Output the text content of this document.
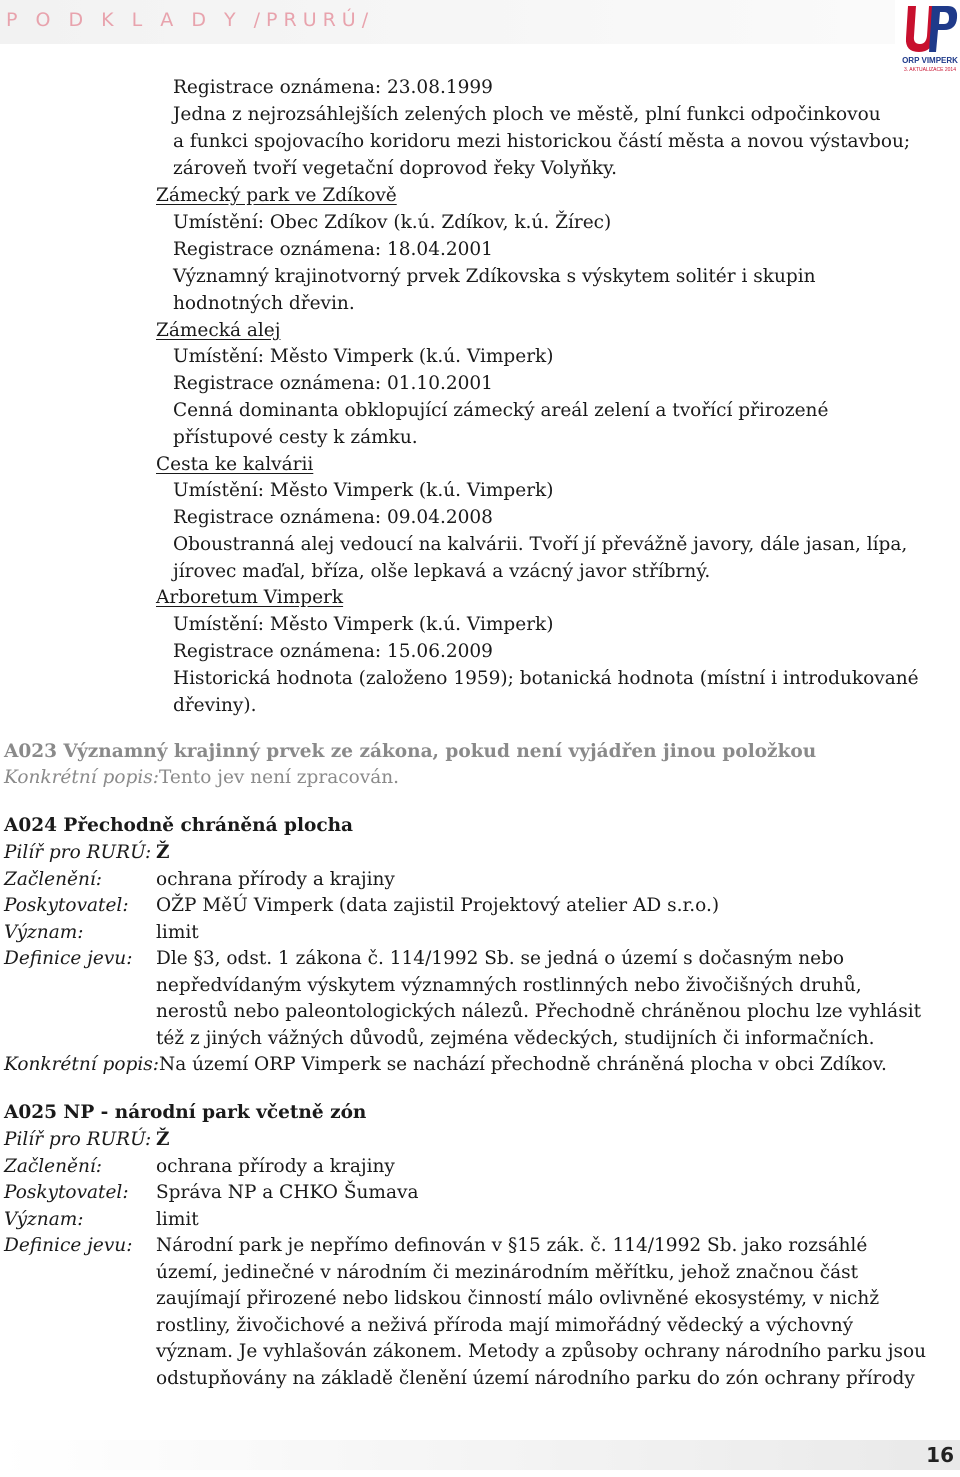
P O D K L A D Y /PRURÚ/
ORP VIMPERK
3. AKTUALIZACE 2014
Registrace oznámena: 23.08.1999
Jedna z nejrozsáhlejších zelených ploch ve městě, plní funkci odpočinkovou
a funkci spojovacího koridoru mezi historickou částí města a novou výstavbou;
zároveň tvoří vegetační doprovod řeky Volyňky.
Zámecký park ve Zdíkově
Umístění: Obec Zdíkov (k.ú. Zdíkov, k.ú. Žírec)
Registrace oznámena: 18.04.2001
Významný krajinotvorný prvek Zdíkovska s výskytem solitér i skupin
hodnotných dřevin.
Zámecká alej
Umístění: Město Vimperk (k.ú. Vimperk)
Registrace oznámena: 01.10.2001
Cenná dominanta obklopující zámecký areál zelení a tvořící přirozené
přístupové cesty k zámku.
Cesta ke kalvárii
Umístění: Město Vimperk (k.ú. Vimperk)
Registrace oznámena: 09.04.2008
Oboustranná alej vedoucí na kalvárii. Tvoří jí převážně javory, dále jasan, lípa,
jírovec maďal, bříza, olše lepkavá a vzácný javor stříbrný.
Arboretum Vimperk
Umístění: Město Vimperk (k.ú. Vimperk)
Registrace oznámena: 15.06.2009
Historická hodnota (založeno 1959); botanická hodnota (místní i introdukované
dřeviny).
A023 Významný krajinný prvek ze zákona, pokud není vyjádřen jinou položkou
Konkrétní popis:Tento jev není zpracován.
A024 Přechodně chráněná plocha
Pilíř pro RURÚ: Ž
Začlenění:	ochrana přírody a krajiny
Poskytovatel: OŽP MěÚ Vimperk (data zajistil Projektový atelier AD s.r.o.)
Význam:	limit
Definice jevu: Dle §3, odst. 1 zákona č. 114/1992 Sb. se jedná o území s dočasným nebo
nepředvídaným výskytem významných rostlinných nebo živočišných druhů,
nerostů nebo paleontologických nálezů. Přechodně chráněnou plochu lze vyhlásit
též z jiných vážných důvodů, zejména vědeckých, studijních či informačních.
Konkrétní popis:Na území ORP Vimperk se nachází přechodně chráněná plocha v obci Zdíkov.
A025 NP - národní park včetně zón
Pilíř pro RURÚ: Ž
Začlenění:	ochrana přírody a krajiny
Poskytovatel: Správa NP a CHKO Šumava
Význam:	limit
Definice jevu: Národní park je nepřímo definován v §15 zák. č. 114/1992 Sb. jako rozsáhlé
území, jedinečné v národním či mezinárodním měřítku, jehož značnou část
zaujímají přirozené nebo lidskou činností málo ovlivněné ekosystémy, v nichž
rostliny, živočichové a neživá příroda mají mimořádný vědecký a výchovný
význam. Je vyhlašován zákonem. Metody a způsoby ochrany národního parku jsou
odstupňovány na základě členění území národního parku do zón ochrany přírody
16
